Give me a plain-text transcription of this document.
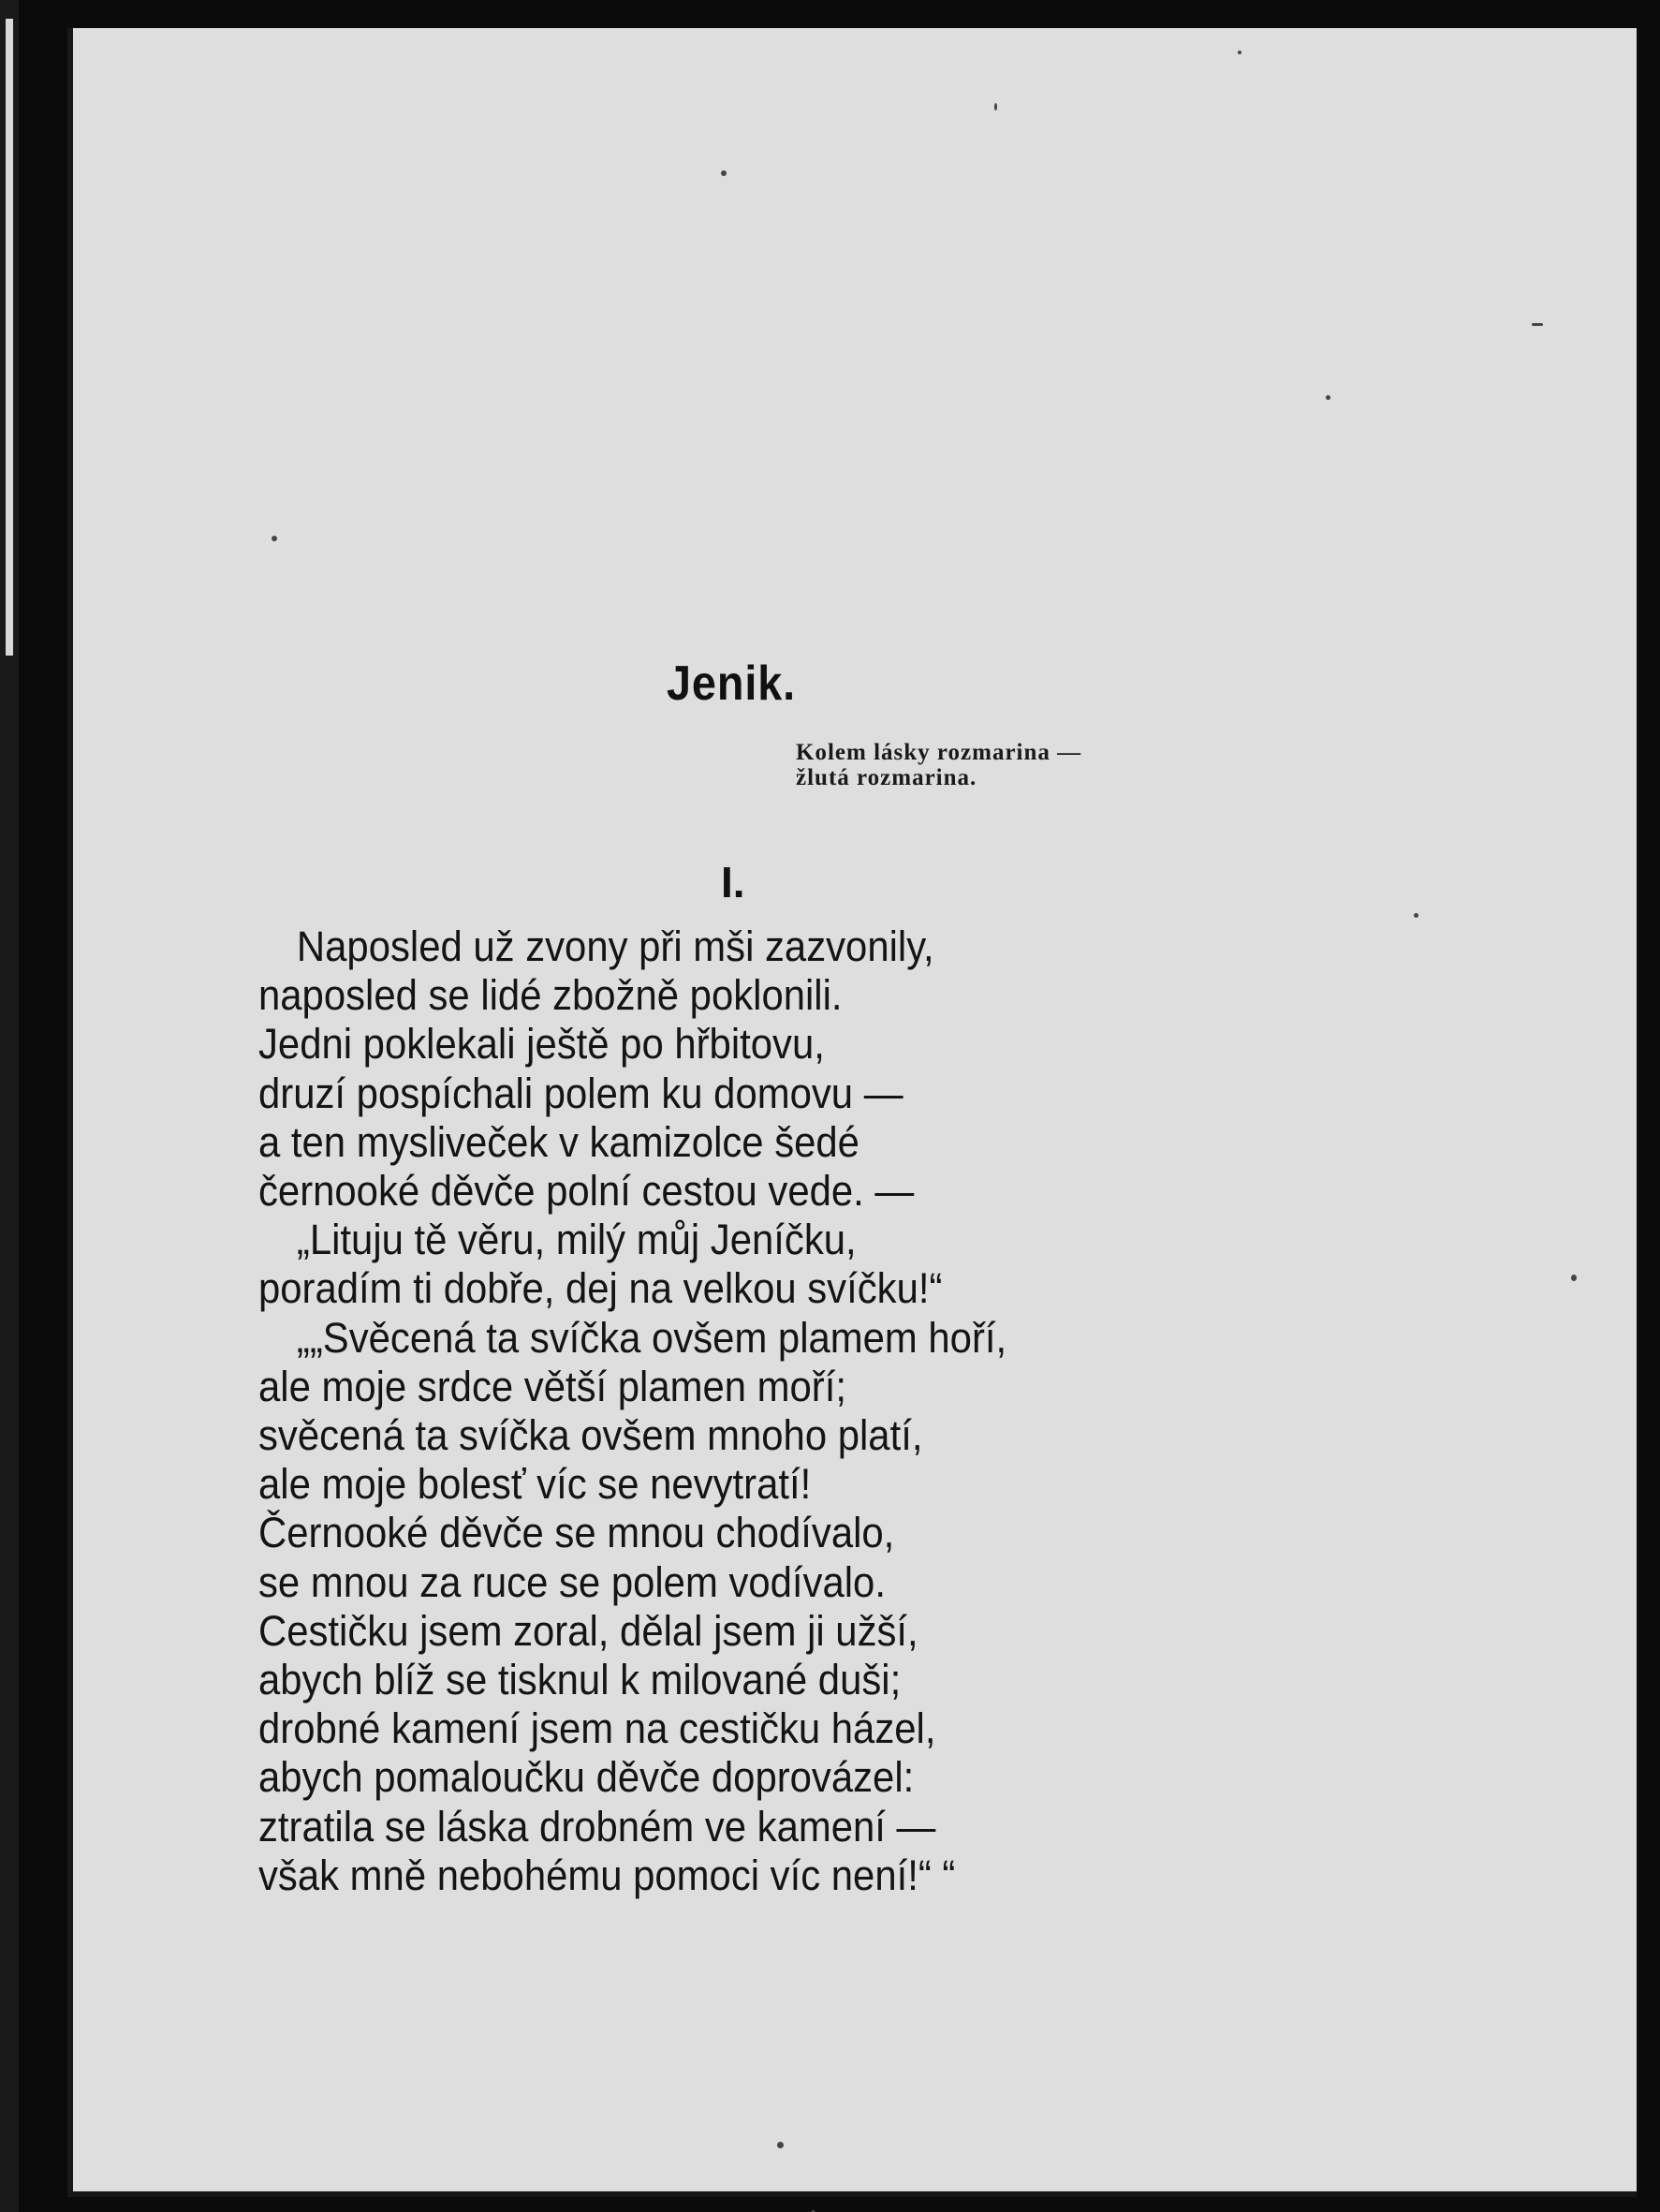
Jenik.
Kolem lásky rozmarina —
žlutá rozmarina.
I.
Naposled už zvony při mši zazvonily,
naposled se lidé zbožně poklonili.
Jedni poklekali ještě po hřbitovu,
druzí pospíchali polem ku domovu —
a ten mysliveček v kamizolce šedé
černooké děvče polní cestou vede. —
„Lituju tě věru, milý můj Jeníčku,
poradím ti dobře, dej na velkou svíčku!“
„„Svěcená ta svíčka ovšem plamem hoří,
ale moje srdce větší plamen moří;
svěcená ta svíčka ovšem mnoho platí,
ale moje bolesť víc se nevytratí!
Černooké děvče se mnou chodívalo,
se mnou za ruce se polem vodívalo.
Cestičku jsem zoral, dělal jsem ji užší,
abych blíž se tisknul k milované duši;
drobné kamení jsem na cestičku házel,
abych pomaloučku děvče doprovázel:
ztratila se láska drobném ve kamení —
však mně nebohému pomoci víc není!“ “
